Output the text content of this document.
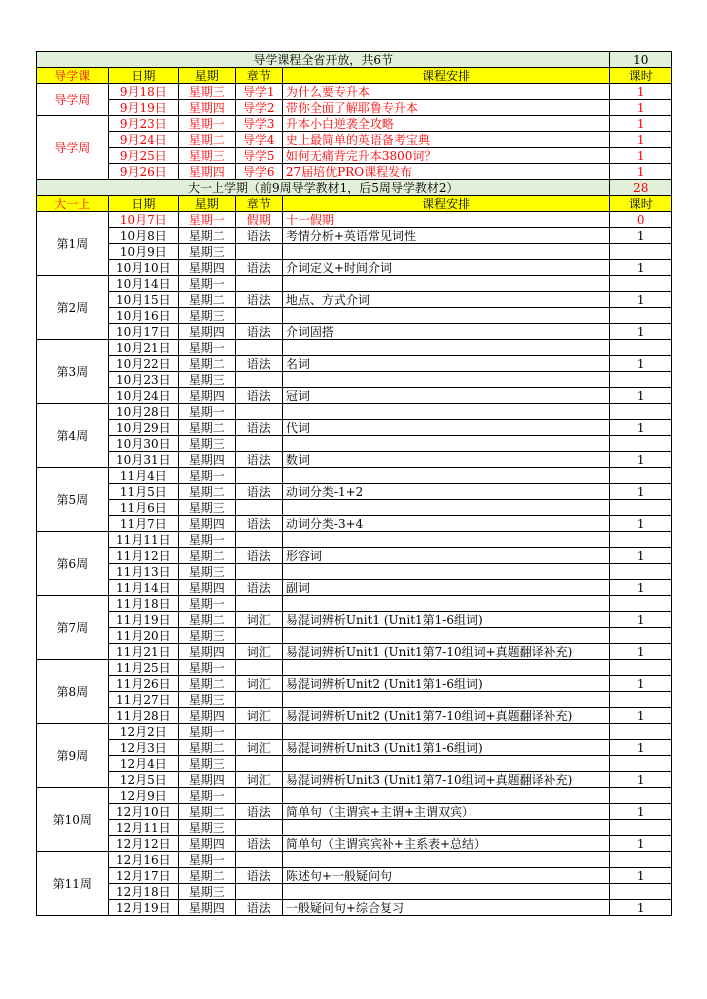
导学课程全省开放，共6节					10
导学课	日期	星期	章节	课程安排	课时
导学周	9月18日	星期三	导学1	为什么要专升本	1
	9月19日	星期四	导学2	带你全面了解耶鲁专升本	1
导学周	9月23日	星期一	导学3	升本小白逆袭全攻略	1
	9月24日	星期二	导学4	史上最简单的英语备考宝典	1
	9月25日	星期三	导学5	如何无痛背完升本3800词？	1
	9月26日	星期四	导学6	27届培优PRO课程发布	1
大一上学期（前9周导学教材1，后5周导学教材2）					28
大一上	日期	星期	章节	课程安排	课时
第1周	10月7日	星期一	假期	十一假期	0
	10月8日	星期二	语法	考情分析+英语常见词性	1
	10月9日	星期三			
	10月10日	星期四	语法	介词定义+时间介词	1
第2周	10月14日	星期一			
	10月15日	星期二	语法	地点、方式介词	1
	10月16日	星期三			
	10月17日	星期四	语法	介词固搭	1
第3周	10月21日	星期一			
	10月22日	星期二	语法	名词	1
	10月23日	星期三			
	10月24日	星期四	语法	冠词	1
第4周	10月28日	星期一			
	10月29日	星期二	语法	代词	1
	10月30日	星期三			
	10月31日	星期四	语法	数词	1
第5周	11月4日	星期一			
	11月5日	星期二	语法	动词分类-1+2	1
	11月6日	星期三			
	11月7日	星期四	语法	动词分类-3+4	1
第6周	11月11日	星期一			
	11月12日	星期二	语法	形容词	1
	11月13日	星期三			
	11月14日	星期四	语法	副词	1
第7周	11月18日	星期一			
	11月19日	星期二	词汇	易混词辨析Unit1 (Unit1第1-6组词)	1
	11月20日	星期三			
	11月21日	星期四	词汇	易混词辨析Unit1 (Unit1第7-10组词+真题翻译补充)	1
第8周	11月25日	星期一			
	11月26日	星期二	词汇	易混词辨析Unit2 (Unit1第1-6组词)	1
	11月27日	星期三			
	11月28日	星期四	词汇	易混词辨析Unit2 (Unit1第7-10组词+真题翻译补充)	1
第9周	12月2日	星期一			
	12月3日	星期二	词汇	易混词辨析Unit3 (Unit1第1-6组词)	1
	12月4日	星期三			
	12月5日	星期四	词汇	易混词辨析Unit3 (Unit1第7-10组词+真题翻译补充)	1
第10周	12月9日	星期一			
	12月10日	星期二	语法	简单句（主谓宾+主谓+主谓双宾）	1
	12月11日	星期三			
	12月12日	星期四	语法	简单句（主谓宾宾补+主系表+总结）	1
第11周	12月16日	星期一			
	12月17日	星期二	语法	陈述句+一般疑问句	1
	12月18日	星期三			
	12月19日	星期四	语法	一般疑问句+综合复习	1
